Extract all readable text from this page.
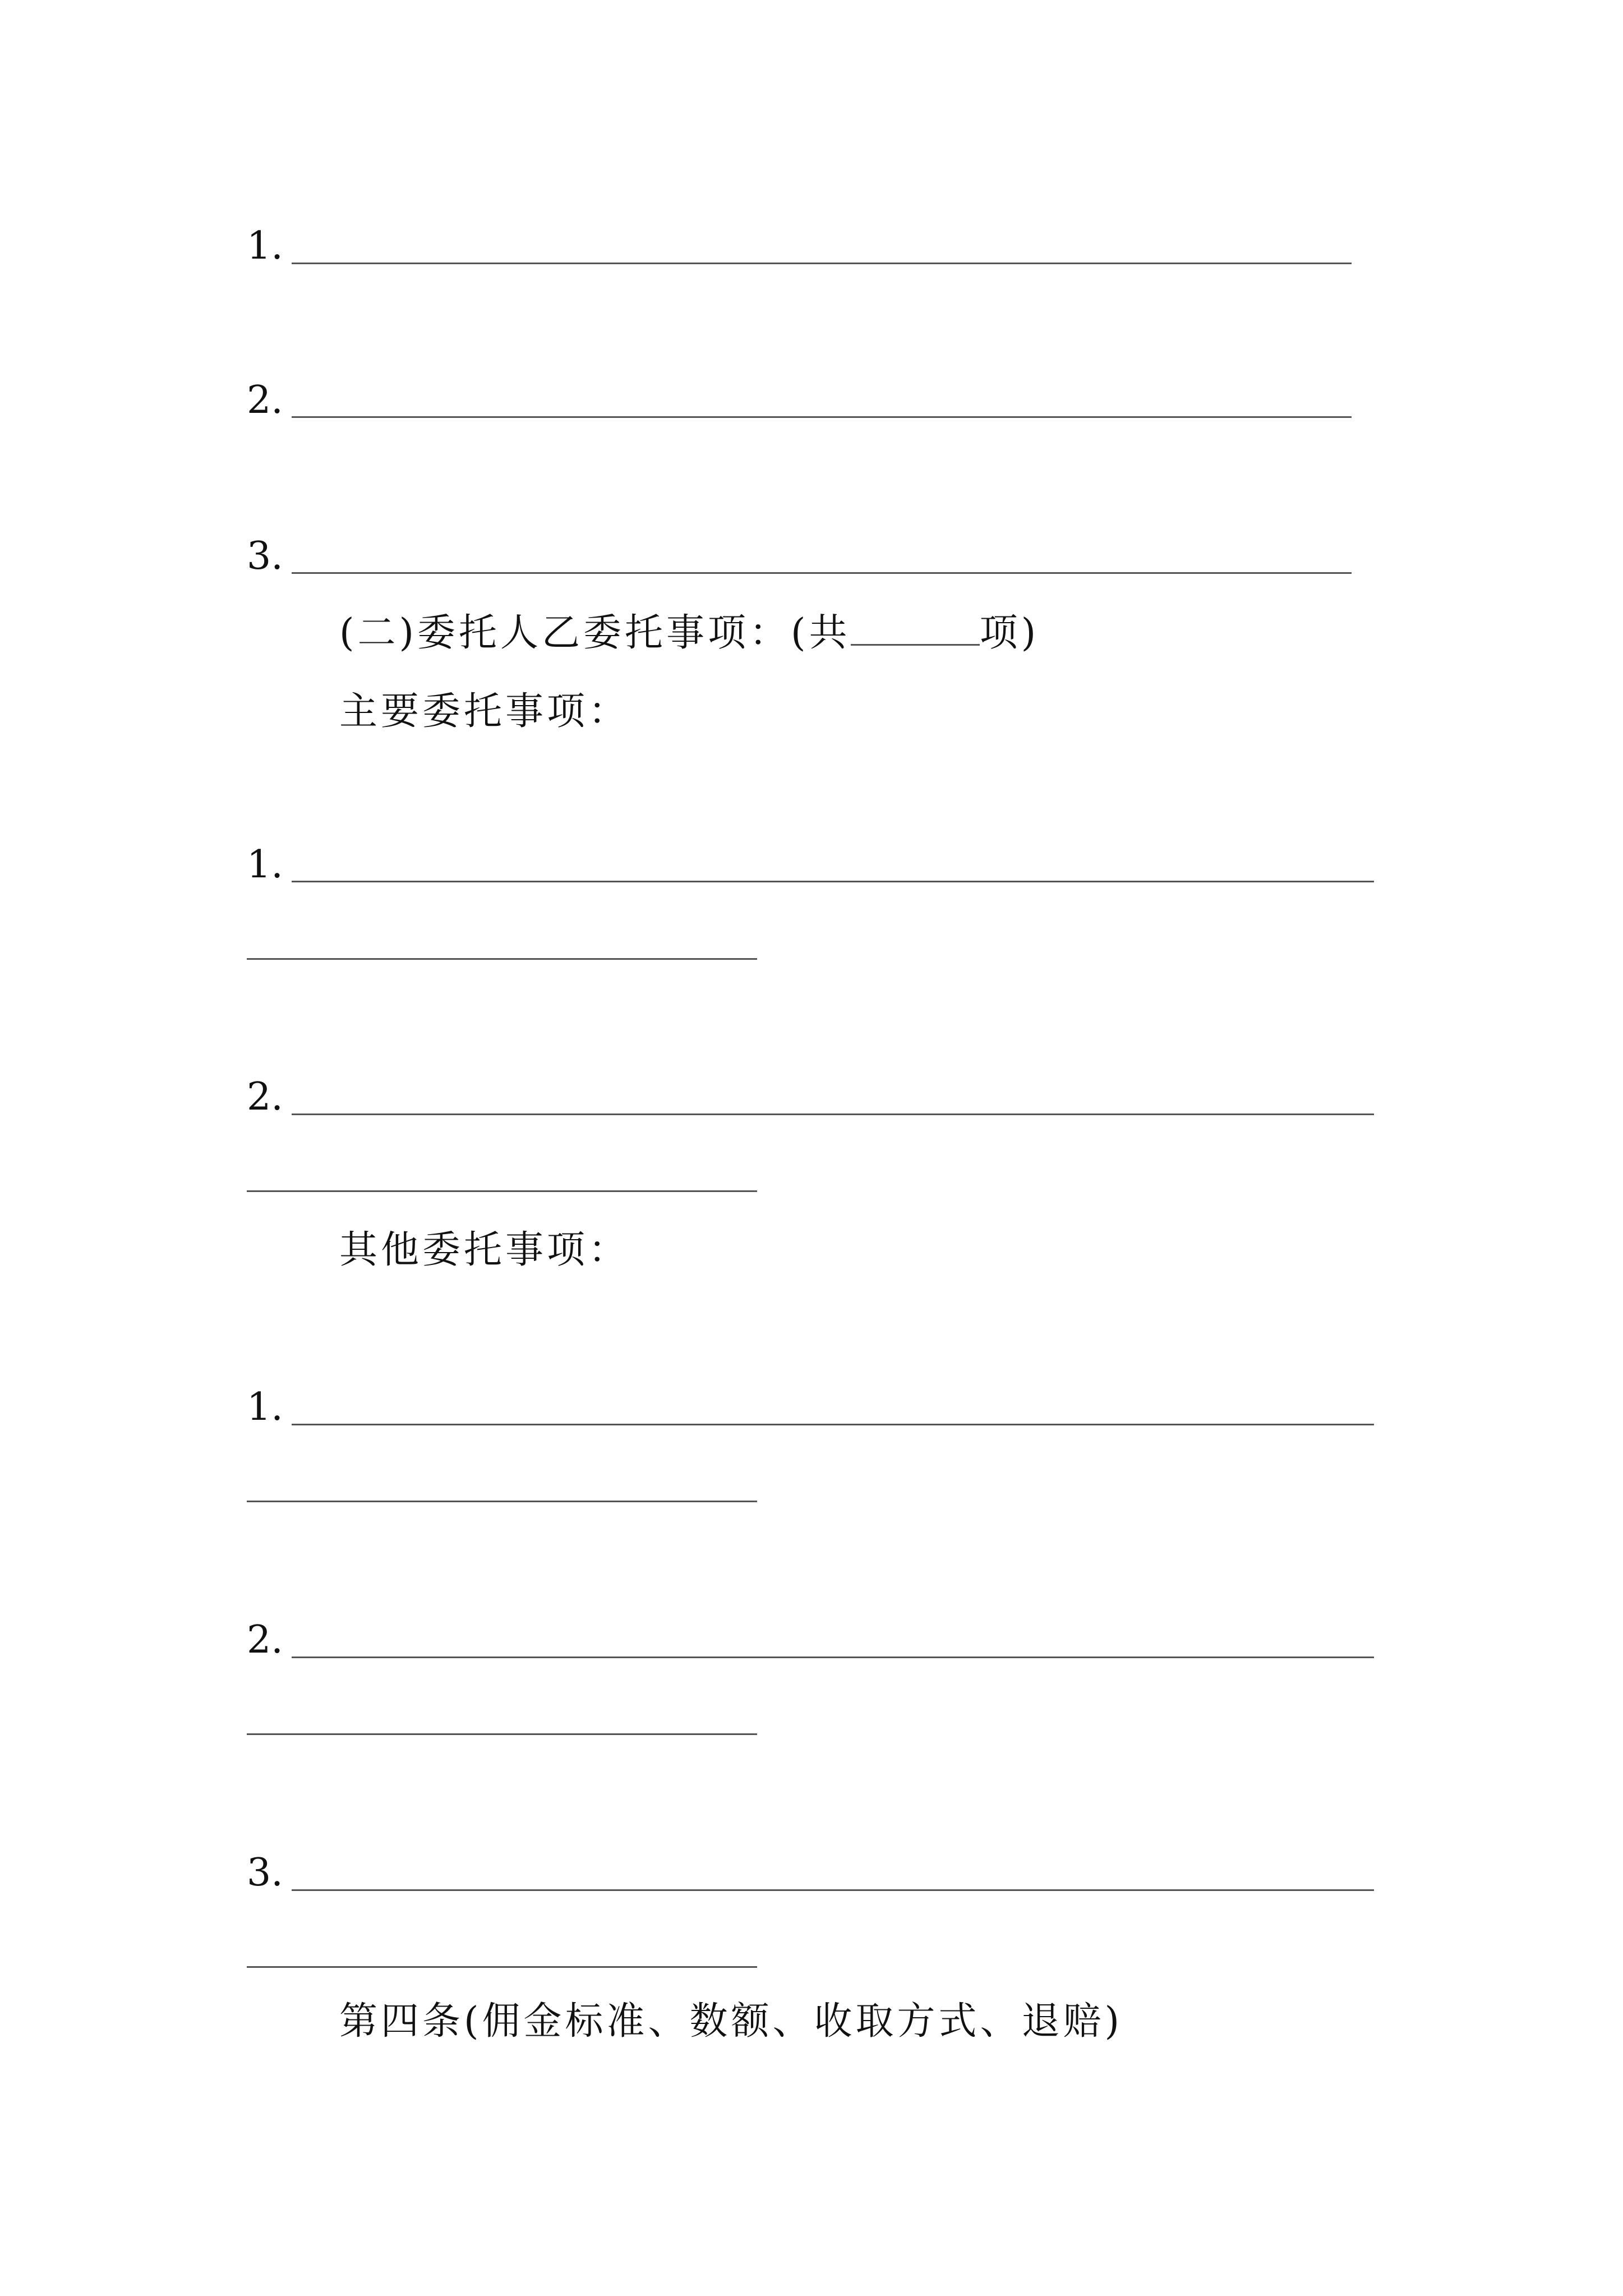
1.
2.
3.
(二)委托人乙委托事项：(共	项)
主要委托事项：
1.
2.
其他委托事项：
1.
2.
3.
第四条(佣金标准、数额、收取方式、退赔)
